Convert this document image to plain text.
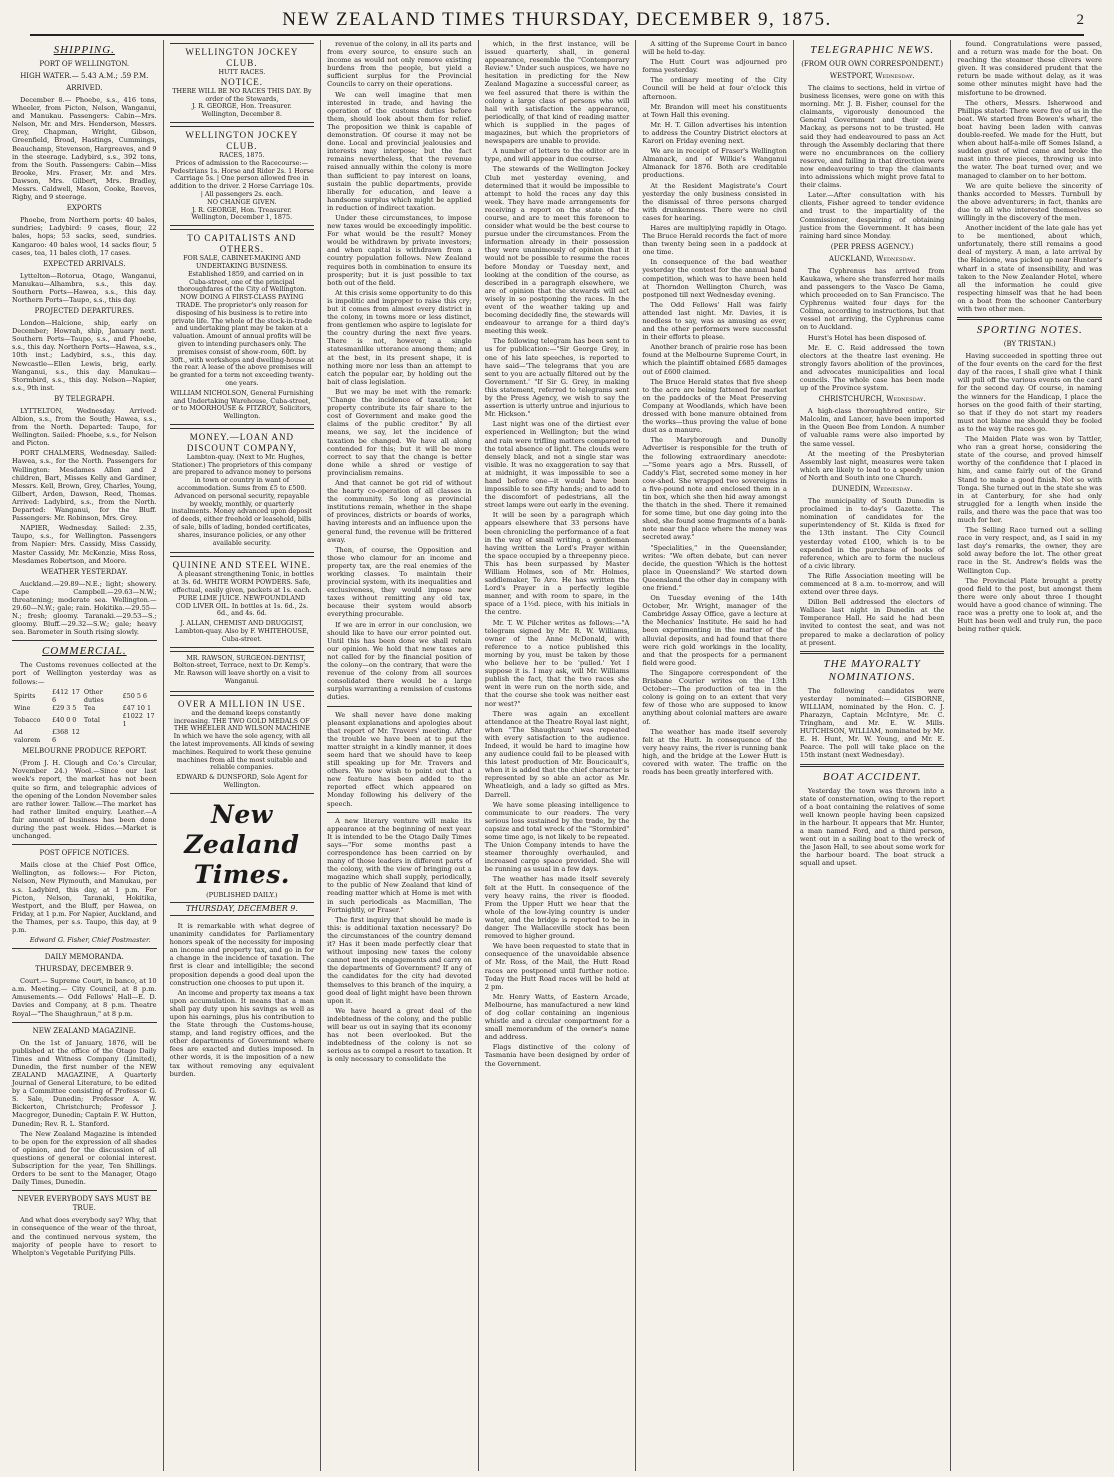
NEW ZEALAND TIMES THURSDAY, DECEMBER 9, 1875.	2
SHIPPING.
PORT OF WELLINGTON.
HIGH WATER.— 5.43 A.M.; .59 P.M.
ARRIVED.

December 8.— Phoebe, s.s., 416 tons, Wheeler, from Picton, Nelson, Wanganui, and Manukau. Passengers: Cabin—Mrs. Nelson, Mr. and Mrs. Henderson, Messrs. Grey, Chapman, Wright, Gibson, Greenfield, Broad, Hastings, Cummings, Beauchamp, Stevenson, Hargreaves, and 9 in the steerage. Ladybird, s.s., 392 tons, from the South. Passengers: Cabin—Miss Brooke, Mrs. Fraser, Mr. and Mrs. Dawson, Mrs. Gilbert, Mrs. Bradley, Messrs. Caldwell, Mason, Cooke, Reeves, Rigby, and 9 steerage.

EXPORTS

Phoebe, from Northern ports: 40 bales, sundries; Ladybird: 9 cases, flour, 22 bales, hops; 53 sacks, seed, sundries. Kangaroo: 40 bales wool, 14 sacks flour, 5 cases, tea, 11 bales cloth, 17 cases.

EXPECTED ARRIVALS.

Lyttelton—Rotorua, Otago, Wanganui, Manukau—Alhambra, s.s., this day. Southern Ports—Hawea, s.s., this day. Northern Ports—Taupo, s.s., this day.

PROJECTED DEPARTURES.

London—Halcione, ship, early on December; Howrah, ship, January next. Southern Ports—Taupo, s.s., and Phoebe, s.s., this day. Northern Ports—Hawea, s.s., 10th inst.; Ladybird, s.s., this day. Newcastle—Ellen Lewis, brig, early. Wanganui, s.s., this day. Manukau—Stormbird, s.s., this day. Nelson—Napier, s.s., 9th inst.

BY TELEGRAPH.

LYTTELTON, Wednesday. Arrived: Albion, s.s., from the South; Hawea, s.s., from the North. Departed: Taupo, for Wellington. Sailed: Phoebe, s.s., for Nelson and Picton.

PORT CHALMERS, Wednesday. Sailed: Hawea, s.s., for the North. Passengers for Wellington: Mesdames Allen and 2 children, Bart, Misses Kelly and Gardiner, Messrs. Kell, Brown, Grey, Charles, Young, Gilbert, Arden, Dawson, Reed, Thomas. Arrived: Ladybird, s.s., from the North. Departed: Wanganui, for the Bluff. Passengers: Mr. Robinson, Mrs. Grey.

NAPIER, Wednesday. Sailed: 2.35, Taupo, s.s., for Wellington. Passengers from Napier: Mrs. Cassidy, Miss Cassidy, Master Cassidy, Mr. McKenzie, Miss Ross, Mesdames Robertson, and Moore.

WEATHER YESTERDAY.

Auckland.—29.89—N.E.; light; showery. Cape Campbell.—29.63—N.W.; threatening; moderate sea. Wellington.—29.60—N.W.; gale; rain. Hokitika.—29.55—N.; fresh; gloomy. Taranaki.—29.53—S.; gloomy. Bluff.—29.32—S.W.; gale; heavy sea. Barometer in South rising slowly.

COMMERCIAL.

The Customs revenues collected at the port of Wellington yesterday was as follows:—

Spirits	£412 17 6	Other duties	£50 5 6
Wine	£29 3 5	Tea	£47 10 1
Tobacco	£40 0 0	Total	£1022 17 1
Ad valorem	£368 12 6		
MELBOURNE PRODUCE REPORT.

(From J. H. Clough and Co.'s Circular, November 24.) Wool.—Since our last week's report, the market has not been quite so firm, and telegraphic advices of the opening of the London November sales are rather lower. Tallow.—The market has had rather limited enquiry. Leather.—A fair amount of business has been done during the past week. Hides.—Market is unchanged.

POST OFFICE NOTICES.

Mails close at the Chief Post Office, Wellington, as follows:— For Picton, Nelson, New Plymouth, and Manukau, per s.s. Ladybird, this day, at 1 p.m. For Picton, Nelson, Taranaki, Hokitika, Westport, and the Bluff, per Hawea, on Friday, at 1 p.m. For Napier, Auckland, and the Thames, per s.s. Taupo, this day, at 9 p.m.

Edward G. Fisher, Chief Postmaster.
DAILY MEMORANDA.
THURSDAY, DECEMBER 9.

Court.— Supreme Court, in banco, at 10 a.m. Meeting.— City Council, at 8 p.m. Amusements.— Odd Fellows' Hall—E. D. Davies and Company, at 8 p.m. Theatre Royal—"The Shaughraun," at 8 p.m.

NEW ZEALAND MAGAZINE.

On the 1st of January, 1876, will be published at the office of the Otago Daily Times and Witness Company (Limited), Dunedin, the first number of the NEW ZEALAND MAGAZINE, A Quarterly Journal of General Literature, to be edited by a Committee consisting of Professor G. S. Sale, Dunedin; Professor A. W. Bickerton, Christchurch; Professor J. Macgregor, Dunedin; Captain F. W. Hutton, Dunedin; Rev. R. L. Stanford.

The New Zealand Magazine is intended to be open for the expression of all shades of opinion, and for the discussion of all questions of general or colonial interest. Subscription for the year, Ten Shillings. Orders to be sent to the Manager, Otago Daily Times, Dunedin.

NEVER EVERYBODY SAYS MUST BE TRUE.

And what does everybody say? Why, that in consequence of the wear of the throat, and the continued nervous system, the majority of people have to resort to Whelpton's Vegetable Purifying Pills.

WELLINGTON JOCKEY CLUB.
HUTT RACES.
NOTICE.
THERE WILL BE NO RACES THIS DAY. By order of the Stewards,
J. R. GEORGE, Hon. Treasurer.
Wellington, December 8.
WELLINGTON JOCKEY CLUB.
RACES, 1875.
Prices of admission to the Racecourse:— Pedestrians 1s. Horse and Rider 2s. 1 Horse Carriage 5s. | One person allowed free in addition to the driver. 2 Horse Carriage 10s. | All passengers 2s. each.
NO CHANGE GIVEN.
J. R. GEORGE, Hon. Treasurer.
Wellington, December 1, 1875.
TO CAPITALISTS AND OTHERS.
FOR SALE, CABINET-MAKING AND UNDERTAKING BUSINESS.

Established 1859, and carried on in Cuba-street, one of the principal thoroughfares of the City of Wellington. NOW DOING A FIRST-CLASS PAYING TRADE. The proprietor's only reason for disposing of his business is to retire into private life. The whole of the stock-in-trade and undertaking plant may be taken at a valuation. Amount of annual profits will be given to intending purchasers only. The premises consist of show-room, 60ft. by 30ft., with workshops and dwelling-house at the rear. A lease of the above premises will be granted for a term not exceeding twenty-one years.

WILLIAM NICHOLSON, General Furnishing and Undertaking Warehouse, Cuba-street, or to MOORHOUSE & FITZROY, Solicitors, Wellington.
MONEY.—LOAN AND DISCOUNT COMPANY,

Lambton-quay. (Next to Mr. Hughes, Stationer.) The proprietors of this company are prepared to advance money to persons in town or country in want of accommodation. Sums from £5 to £500. Advanced on personal security, repayable by weekly, monthly, or quarterly instalments. Money advanced upon deposit of deeds, either freehold or leasehold, bills of sale, bills of lading, bonded certificates, shares, insurance policies, or any other available security.

QUININE AND STEEL WINE.

A pleasant strengthening Tonic, in bottles at 3s. 6d. WHITE WORM POWDERS. Safe, effectual, easily given, packets at 1s. each. PURE LIME JUICE. NEWFOUNDLAND COD LIVER OIL. In bottles at 1s. 6d., 2s. 6d., and 4s. 6d.

J. ALLAN, CHEMIST AND DRUGGIST, Lambton-quay. Also by F. WHITEHOUSE, Cuba-street.

MR. RAWSON, SURGEON-DENTIST, Bolton-street, Terrace, next to Dr. Kemp's. Mr. Rawson will leave shortly on a visit to Wanganui.

OVER A MILLION IN USE.

and the demand keeps constantly increasing. THE TWO GOLD MEDALS OF THE WHEELER AND WILSON MACHINE In which we have the sole agency, with all the latest improvements. All kinds of sewing machines. Required to work these genuine machines from all the most suitable and reliable companies.

EDWARD & DUNSFORD, Sole Agent for Wellington.
New Zealand Times.
(PUBLISHED DAILY.)
THURSDAY, DECEMBER 9.

It is remarkable with what degree of unanimity candidates for Parliamentary honors speak of the necessity for imposing an income and property tax, and go in for a change in the incidence of taxation. The first is clear and intelligible; the second proposition depends a good deal upon the construction one chooses to put upon it.

An income and property tax means a tax upon accumulation. It means that a man shall pay duty upon his savings as well as upon his earnings, plus his contribution to the State through the Customs-house, stamp, and land registry offices, and the other departments of Government where fees are exacted and duties imposed. In other words, it is the imposition of a new tax without removing any equivalent burden.

revenue of the colony, in all its parts and from every source, to ensure such an income as would not only remove existing burdens from the people, but yield a sufficient surplus for the Provincial Councils to carry on their operations.

We can well imagine that men interested in trade, and having the operation of the customs duties before them, should look about them for relief. The proposition we think is capable of demonstration. Of course it may not be done. Local and provincial jealousies and interests may interpose; but the fact remains nevertheless, that the revenue raised annually within the colony is more than sufficient to pay interest on loans, sustain the public departments, provide liberally for education, and leave a handsome surplus which might be applied in reduction of indirect taxation.

Under these circumstances, to impose new taxes would be exceedingly impolitic. For what would be the result? Money would be withdrawn by private investors; and when capital is withdrawn from a country population follows. New Zealand requires both in combination to ensure its prosperity; but it is just possible to tax both out of the field.

At this crisis some opportunity to do this is impolitic and improper to raise this cry; but it comes from almost every district in the colony, in towns more or less distinct, from gentlemen who aspire to legislate for the country during the next five years. There is not, however, a single statesmanlike utterance among them; and at the best, in its present shape, it is nothing more nor less than an attempt to catch the popular ear, by holding out the bait of class legislation.

But we may be met with the remark: "Change the incidence of taxation; let property contribute its fair share to the cost of Government and make good the claims of the public creditor." By all means, we say, let the incidence of taxation be changed. We have all along contended for this; but it will be more correct to say that the change is better done while a shred or vestige of provincialism remains.

And that cannot be got rid of without the hearty co-operation of all classes in the community. So long as provincial institutions remain, whether in the shape of provinces, districts or boards of works, having interests and an influence upon the general fund, the revenue will be frittered away.

Then, of course, the Opposition and those who clamour for an income and property tax, are the real enemies of the working classes. To maintain their provincial system, with its inequalities and exclusiveness, they would impose new taxes without remitting any old tax, because their system would absorb everything procurable.

If we are in error in our conclusion, we should like to have our error pointed out. Until this has been done we shall retain our opinion. We hold that new taxes are not called for by the financial position of the colony—on the contrary, that were the revenue of the colony from all sources consolidated there would be a large surplus warranting a remission of customs duties.

We shall never have done making pleasant explanations and apologies about that report of Mr. Travers' meeting. After the trouble we have been at to put the matter straight in a kindly manner, it does seem hard that we should have to keep still speaking up for Mr. Travers and others. We now wish to point out that a new feature has been added to the reported effect which appeared on Monday following his delivery of the speech.

A new literary venture will make its appearance at the beginning of next year. It is intended to be the Otago Daily Times says—"For some months past a correspondence has been carried on by many of those leaders in different parts of the colony, with the view of bringing out a magazine which shall supply, periodically, to the public of New Zealand that kind of reading matter which at Home is met with in such periodicals as Macmillan, The Fortnightly, or Fraser."

The first inquiry that should be made is this: is additional taxation necessary? Do the circumstances of the country demand it? Has it been made perfectly clear that without imposing new taxes the colony cannot meet its engagements and carry on the departments of Government? If any of the candidates for the city had devoted themselves to this branch of the inquiry, a good deal of light might have been thrown upon it.

We have heard a great deal of the indebtedness of the colony, and the public will bear us out in saying that its economy has not been overlooked. But the indebtedness of the colony is not so serious as to compel a resort to taxation. It is only necessary to consolidate the

which, in the first instance, will be issued quarterly, shall, in general appearance, resemble the "Contemporary Review." Under such auspices, we have no hesitation in predicting for the New Zealand Magazine a successful career, as we feel assured that there is within the colony a large class of persons who will hail with satisfaction the appearance, periodically, of that kind of reading matter which is supplied in the pages of magazines, but which the proprietors of newspapers are unable to provide.

A number of letters to the editor are in type, and will appear in due course.

The stewards of the Wellington Jockey Club met yesterday evening, and determined that it would be impossible to attempt to hold the races any day this week. They have made arrangements for receiving a report on the state of the course, and are to meet this forenoon to consider what would be the best course to pursue under the circumstances. From the information already in their possession they were unanimously of opinion that it would not be possible to resume the races before Monday or Tuesday next, and looking at the condition of the course, as described in a paragraph elsewhere, we are of opinion that the stewards will act wisely in so postponing the races. In the event of the weather taking up and becoming decidedly fine, the stewards will endeavour to arrange for a third day's meeting this week.

The following telegram has been sent to us for publication:—"Sir George Grey, in one of his late speeches, is reported to have said—'The telegrams that you are sent to you are actually filtered out by the Government.' "If Sir G. Grey, in making this statement, referred to telegrams sent by the Press Agency, we wish to say the assertion is utterly untrue and injurious to Mr. Hickson."

Last night was one of the dirtiest ever experienced in Wellington; but the wind and rain were trifling matters compared to the total absence of light. The clouds were densely black, and not a single star was visible. It was no exaggeration to say that at midnight, it was impossible to see a hand before one—it would have been impossible to see fifty hands; and to add to the discomfort of pedestrians, all the street lamps were out early in the evening.

It will be seen by a paragraph which appears elsewhere that 33 persons have been chronicling the performance of a feat in the way of small writing, a gentleman having written the Lord's Prayer within the space occupied by a threepenny piece. This has been surpassed by Master William Holmes, son of Mr. Holmes, saddlemaker, Te Aro. He has written the Lord's Prayer in a perfectly legible manner, and with room to spare, in the space of a 1½d. piece, with his initials in the centre.

Mr. T. W. Pilcher writes as follows:—"A telegram signed by Mr. R. W. Williams, owner of the Anne McDonald, with reference to a notice published this morning by you, must be taken by those who believe her to be 'pulled.' Yet I suppose it is. I may ask, will Mr. Williams publish the fact, that the two races she went in were run on the north side, and that the course she took was neither east nor west?"

There was again an excellent attendance at the Theatre Royal last night, when "The Shaughraun" was repeated with every satisfaction to the audience. Indeed, it would be hard to imagine how any audience could fail to be pleased with this latest production of Mr. Boucicault's, when it is added that the chief character is represented by so able an actor as Mr. Wheatleigh, and a lady so gifted as Mrs. Darrell.

We have some pleasing intelligence to communicate to our readers. The very serious loss sustained by the trade, by the capsize and total wreck of the "Stormbird" some time ago, is not likely to be repeated. The Union Company intends to have the steamer thoroughly overhauled, and increased cargo space provided. She will be running as usual in a few days.

The weather has made itself severely felt at the Hutt. In consequence of the very heavy rains, the river is flooded. From the Upper Hutt we hear that the whole of the low-lying country is under water, and the bridge is reported to be in danger. The Wallaceville stock has been removed to higher ground.

We have been requested to state that in consequence of the unavoidable absence of Mr. Ross, of the Mail, the Hutt Road races are postponed until further notice. Today the Hutt Road races will be held at 2 pm.

Mr. Henry Watts, of Eastern Arcade, Melbourne, has manufactured a new kind of dog collar containing an ingenious whistle and a circular compartment for a small memorandum of the owner's name and address.

Flags distinctive of the colony of Tasmania have been designed by order of the Government.

A sitting of the Supreme Court in banco will be held to-day.

The Hutt Court was adjourned pro forma yesterday.

The ordinary meeting of the City Council will be held at four o'clock this afternoon.

Mr. Brandon will meet his constituents at Town Hall this evening.

Mr. H. T. Gillon advertises his intention to address the Country District electors at Karori on Friday evening next.

We are in receipt of Fraser's Wellington Almanack, and of Wilkie's Wanganui Almanack for 1876. Both are creditable productions.

At the Resident Magistrate's Court yesterday the only business consisted in the dismissal of three persons charged with drunkenness. There were no civil cases for hearing.

Hares are multiplying rapidly in Otago. The Bruce Herald records the fact of more than twenty being seen in a paddock at one time.

In consequence of the bad weather yesterday the contest for the annual band competition, which was to have been held at Thorndon Wellington Church, was postponed till next Wednesday evening.

The Odd Fellows' Hall was fairly attended last night. Mr. Davies, it is needless to say, was as amusing as ever, and the other performers were successful in their efforts to please.

Another branch of prairie rose has been found at the Melbourne Supreme Court, in which the plaintiff obtained £685 damages out of £600 claimed.

The Bruce Herald states that five sheep to the acre are being fattened for market on the paddocks of the Meat Preserving Company at Woodlands, which have been dressed with bone manure obtained from the works—thus proving the value of bone dust as a manure.

The Maryborough and Dunolly Advertiser is responsible for the truth of the following extraordinary anecdote:—"Some years ago a Mrs. Russell, of Caddy's Flat, secreted some money in her cow-shed. She wrapped two sovereigns in a five-pound note and enclosed them in a tin box, which she then hid away amongst the thatch in the shed. There it remained for some time, but one day going into the shed, she found some fragments of a bank-note near the place where the money was secreted away."

"Specialities," in the Queenslander, writes: "We often debate, but can never decide, the question 'Which is the hottest place in Queensland?' We started down Queensland the other day in company with one friend."

On Tuesday evening of the 14th October, Mr. Wright, manager of the Cambridge Assay Office, gave a lecture at the Mechanics' Institute. He said he had been experimenting in the matter of the alluvial deposits, and had found that there were rich gold workings in the locality, and that the prospects for a permanent field were good.

The Singapore correspondent of the Brisbane Courier writes on the 13th October:—The production of tea in the colony is going on to an extent that very few of those who are supposed to know anything about colonial matters are aware of.

The weather has made itself severely felt at the Hutt. In consequence of the very heavy rains, the river is running bank high, and the bridge at the Lower Hutt is covered with water. The traffic on the roads has been greatly interfered with.

TELEGRAPHIC NEWS.
(FROM OUR OWN CORRESPONDENT.)
WESTPORT, Wednesday.

The claims to sections, held in virtue of business licenses, were gone on with this morning. Mr. J. B. Fisher, counsel for the claimants, vigorously denounced the General Government and their agent Mackay, as persons not to be trusted. He said they had endeavoured to pass an Act through the Assembly declaring that there were no encumbrances on the colliery reserve, and failing in that direction were now endeavouring to trap the claimants into admissions which might prove fatal to their claims.

Later.—After consultation with his clients, Fisher agreed to tender evidence and trust to the impartiality of the Commissioner, despairing of obtaining justice from the Government. It has been raining hard since Monday.

(PER PRESS AGENCY.)
AUCKLAND, Wednesday.

The Cyphrenus has arrived from Kaukawa, where she transferred her mails and passengers to the Vasco De Gama, which proceeded on to San Francisco. The Cyphrenus waited four days for the Colima, according to instructions, but that vessel not arriving, the Cyphrenus came on to Auckland.

Hurst's Hotel has been disposed of.

Mr. E. C. Reid addressed the town electors at the theatre last evening. He strongly favors abolition of the provinces, and advocates municipalities and local councils. The whole case has been made up of the Province system.

CHRISTCHURCH, Wednesday.

A high-class thoroughbred entire, Sir Malcolm, and Lancer, have been imported in the Queen Bee from London. A number of valuable rams were also imported by the same vessel.

At the meeting of the Presbyterian Assembly last night, measures were taken which are likely to lead to a speedy union of North and South into one Church.

DUNEDIN, Wednesday.

The municipality of South Dunedin is proclaimed in to-day's Gazette. The nomination of candidates for the superintendency of St. Kilda is fixed for the 13th instant. The City Council yesterday voted £100, which is to be expended in the purchase of books of reference, which are to form the nucleus of a civic library.

The Rifle Association meeting will be commenced at 8 a.m. to-morrow, and will extend over three days.

Dillon Bell addressed the electors of Wallace last night in Dunedin at the Temperance Hall. He said he had been invited to contest the seat, and was not prepared to make a declaration of policy at present.

THE MAYORALTY NOMINATIONS.

The following candidates were yesterday nominated:— GISBORNE, WILLIAM, nominated by the Hon. C. J. Pharazyn, Captain McIntyre, Mr. C. Tringham, and Mr. E. W. Mills. HUTCHISON, WILLIAM, nominated by Mr. E. H. Hunt, Mr. W. Young, and Mr. E. Pearce. The poll will take place on the 15th instant (next Wednesday).

BOAT ACCIDENT.

Yesterday the town was thrown into a state of consternation, owing to the report of a boat containing the relatives of some well known people having been capsized in the harbour. It appears that Mr. Hunter, a man named Ford, and a third person, went out in a sailing boat to the wreck of the Jason Hall, to see about some work for the harbour board. The boat struck a squall and upset.

found. Congratulations were passed, and a return was made for the boat. On reaching the steamer these clivers were given. It was considered prudent that the return be made without delay, as it was some other minutes might have had the misfortune to be drowned.

The others, Messrs. Isherwood and Phillips stated: There were five of us in the boat. We started from Bowen's wharf, the boat having been laden with canvas double-reefed. We made for the Hutt, but when about half-a-mile off Somes Island, a sudden gust of wind came and broke the mast into three pieces, throwing us into the water. The boat turned over, and we managed to clamber on to her bottom.

We are quite believe the sincerity of thanks accorded to Messrs. Turnbull by the above adventurers; in fact, thanks are due to all who interested themselves so willingly in the discovery of the men.

Another incident of the late gale has yet to be mentioned, about which, unfortunately, there still remains a good deal of mystery. A man, a late arrival by the Halcione, was picked up near Hunter's wharf in a state of insensibility, and was taken to the New Zealander Hotel, where all the information he could give respecting himself was that he had been on a boat from the schooner Canterbury with two other men.

SPORTING NOTES.
(BY TRISTAN.)

Having succeeded in spotting three out of the four events on the card for the first day of the races, I shall give what I think will pull off the various events on the card for the second day. Of course, in naming the winners for the Handicap, I place the horses on the good faith of their starting, so that if they do not start my readers must not blame me should they be fooled as to the way the races go.

The Maiden Plate was won by Tattler, who ran a great horse, considering the state of the course, and proved himself worthy of the confidence that I placed in him, and came fairly out of the Grand Stand to make a good finish. Not so with Tonga. She turned out in the state she was in at Canterbury, for she had only struggled for a length when inside the rails, and there was the pace that was too much for her.

The Selling Race turned out a selling race in very respect, and, as I said in my last day's remarks, the owner, they are sold away before the lot. The other great race in the St. Andrew's fields was the Wellington Cup.

The Provincial Plate brought a pretty good field to the post, but amongst them there were only about three I thought would have a good chance of winning. The race was a pretty one to look at, and the Hutt has been well and truly run, the pace being rather quick.
